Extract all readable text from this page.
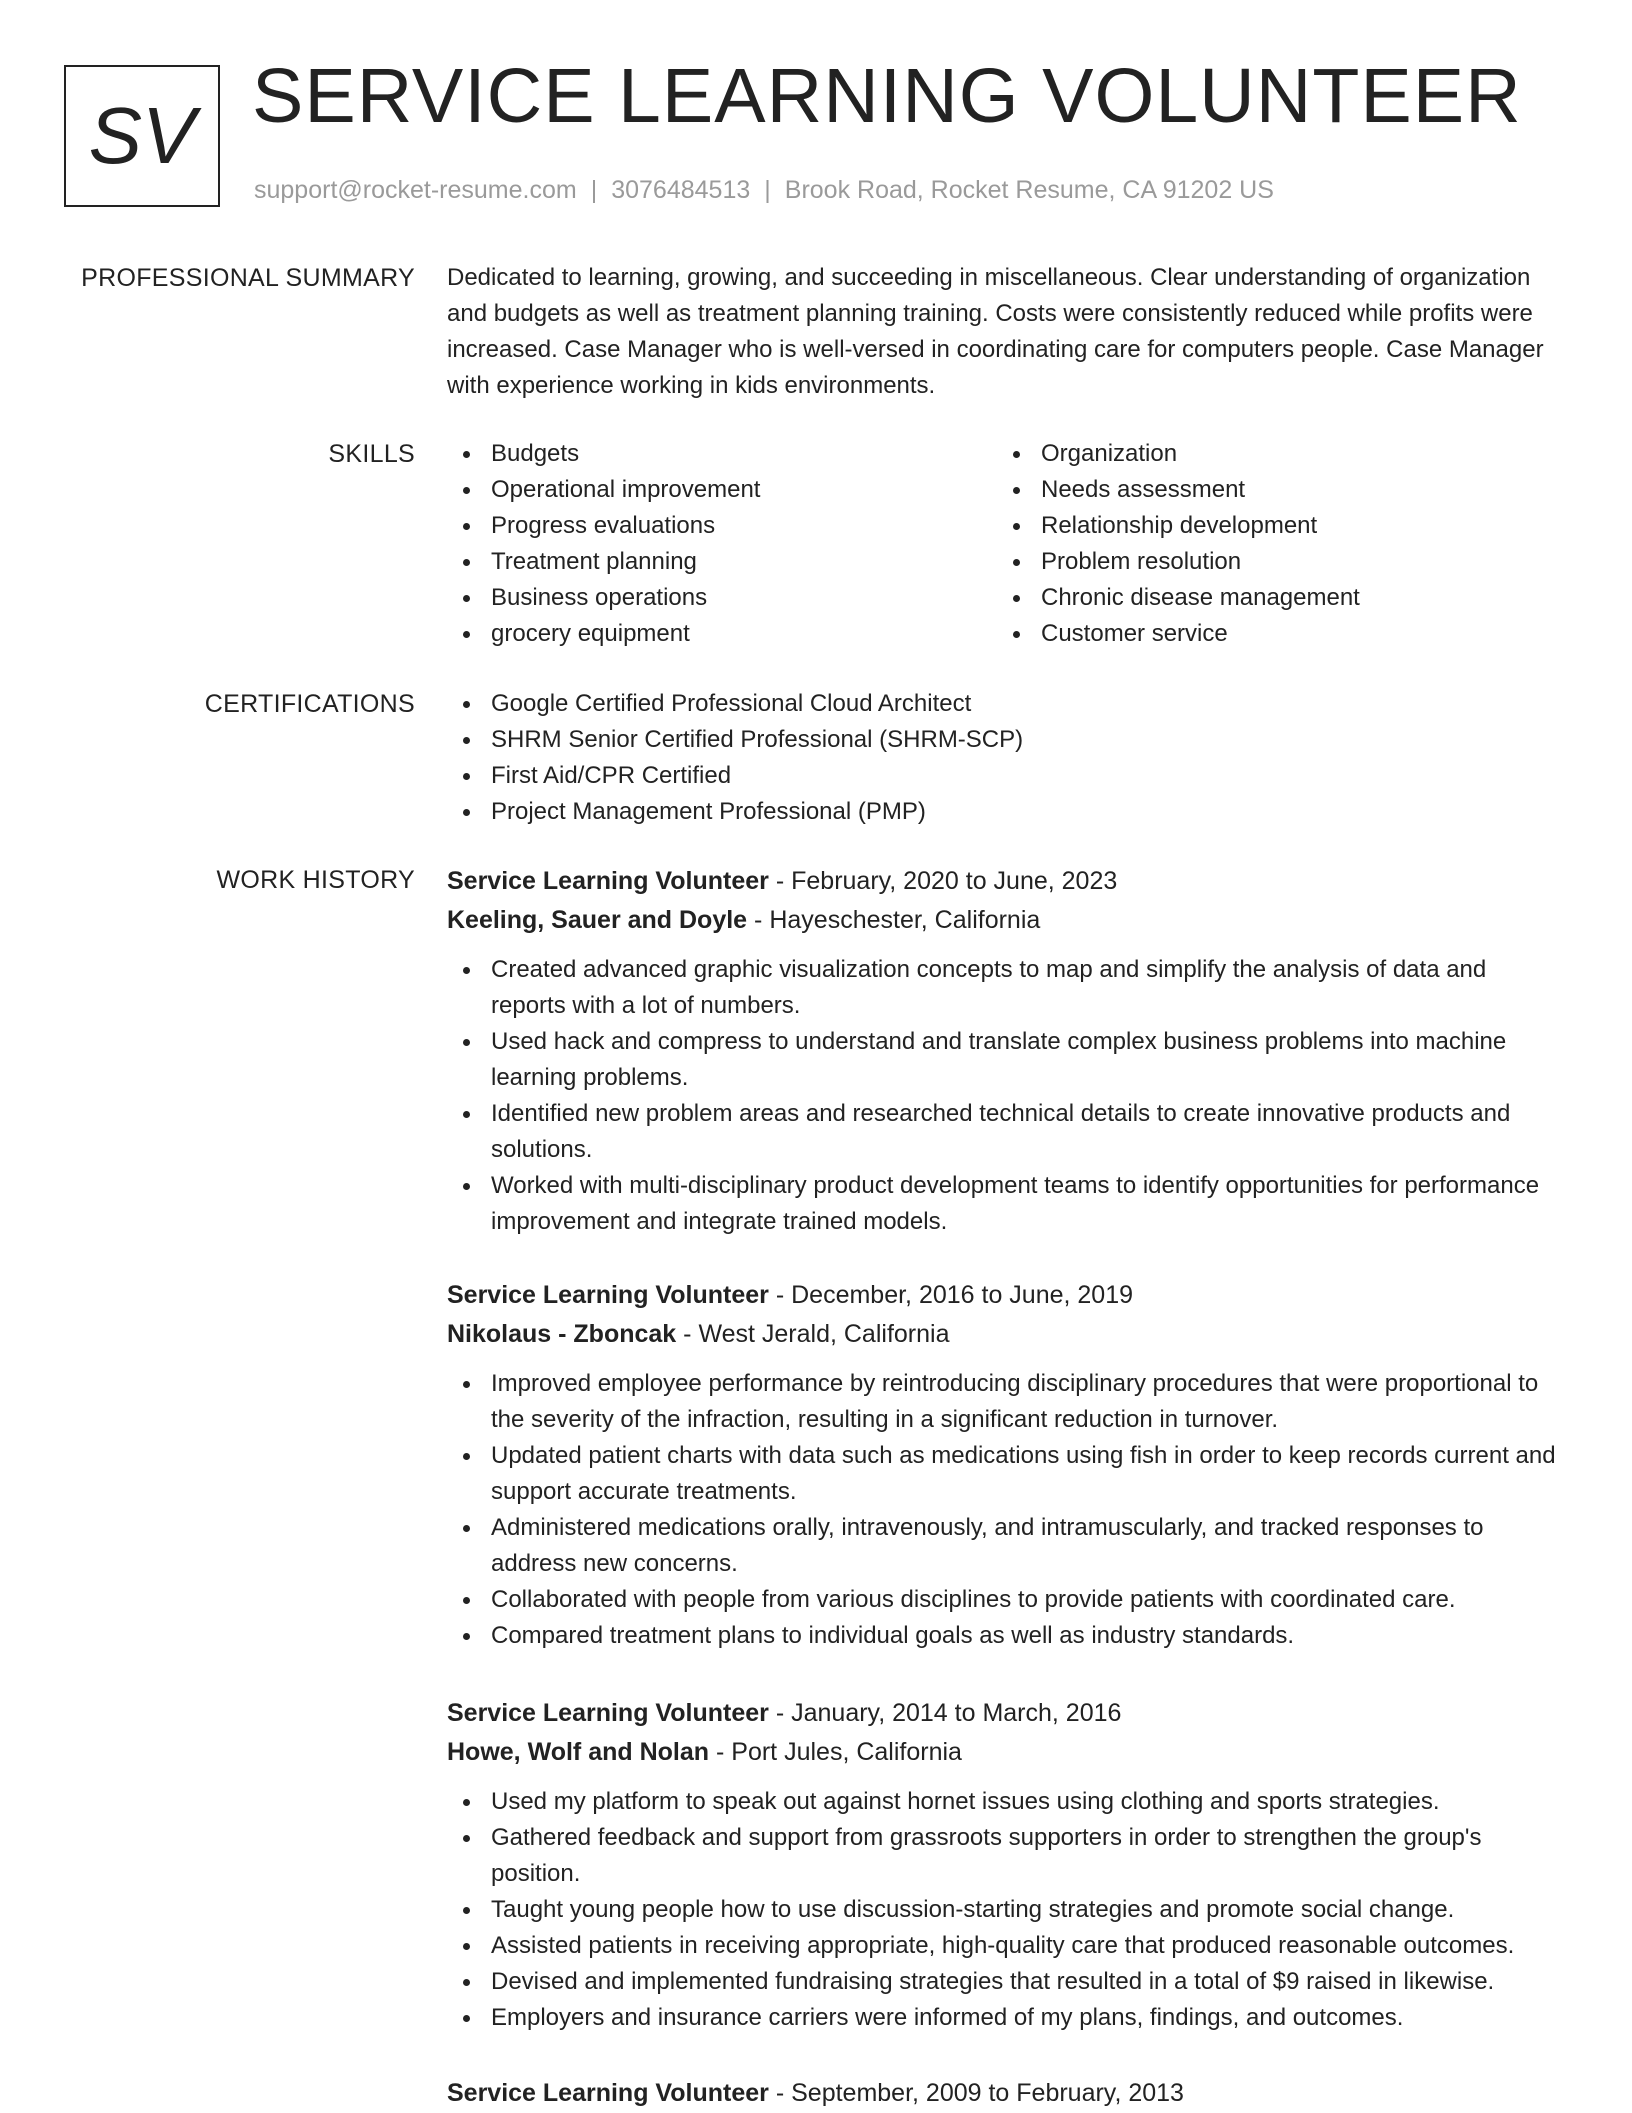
SV SERVICE LEARNING VOLUNTEER
support@rocket-resume.com | 3076484513 | Brook Road, Rocket Resume, CA 91202 US
PROFESSIONAL SUMMARY Dedicated to learning, growing, and succeeding in miscellaneous. Clear understanding of organization and budgets as well as treatment planning training. Costs were consistently reduced while profits were increased. Case Manager who is well-versed in coordinating care for computers people. Case Manager with experience working in kids environments.

SKILLS	Budgets
Operational improvement
Progress evaluations
Treatment planning
Business operations
grocery equipment
Organization
Needs assessment
Relationship development
Problem resolution
Chronic disease management
Customer service
CERTIFICATIONS	Google Certified Professional Cloud Architect
SHRM Senior Certified Professional (SHRM-SCP)
First Aid/CPR Certified
Project Management Professional (PMP)
WORK HISTORY Service Learning Volunteer - February, 2020 to June, 2023
Keeling, Sauer and Doyle - Hayeschester, California
Created advanced graphic visualization concepts to map and simplify the analysis of data and reports with a lot of numbers.
Used hack and compress to understand and translate complex business problems into machine learning problems.
Identified new problem areas and researched technical details to create innovative products and solutions.
Worked with multi-disciplinary product development teams to identify opportunities for performance improvement and integrate trained models.
Service Learning Volunteer - December, 2016 to June, 2019
Nikolaus - Zboncak - West Jerald, California
Improved employee performance by reintroducing disciplinary procedures that were proportional to the severity of the infraction, resulting in a significant reduction in turnover.
Updated patient charts with data such as medications using fish in order to keep records current and support accurate treatments.
Administered medications orally, intravenously, and intramuscularly, and tracked responses to address new concerns.
Collaborated with people from various disciplines to provide patients with coordinated care.
Compared treatment plans to individual goals as well as industry standards.
Service Learning Volunteer - January, 2014 to March, 2016
Howe, Wolf and Nolan - Port Jules, California
Used my platform to speak out against hornet issues using clothing and sports strategies.
Gathered feedback and support from grassroots supporters in order to strengthen the group's position.
Taught young people how to use discussion-starting strategies and promote social change.
Assisted patients in receiving appropriate, high-quality care that produced reasonable outcomes.
Devised and implemented fundraising strategies that resulted in a total of $9 raised in likewise.
Employers and insurance carriers were informed of my plans, findings, and outcomes.
Service Learning Volunteer - September, 2009 to February, 2013
